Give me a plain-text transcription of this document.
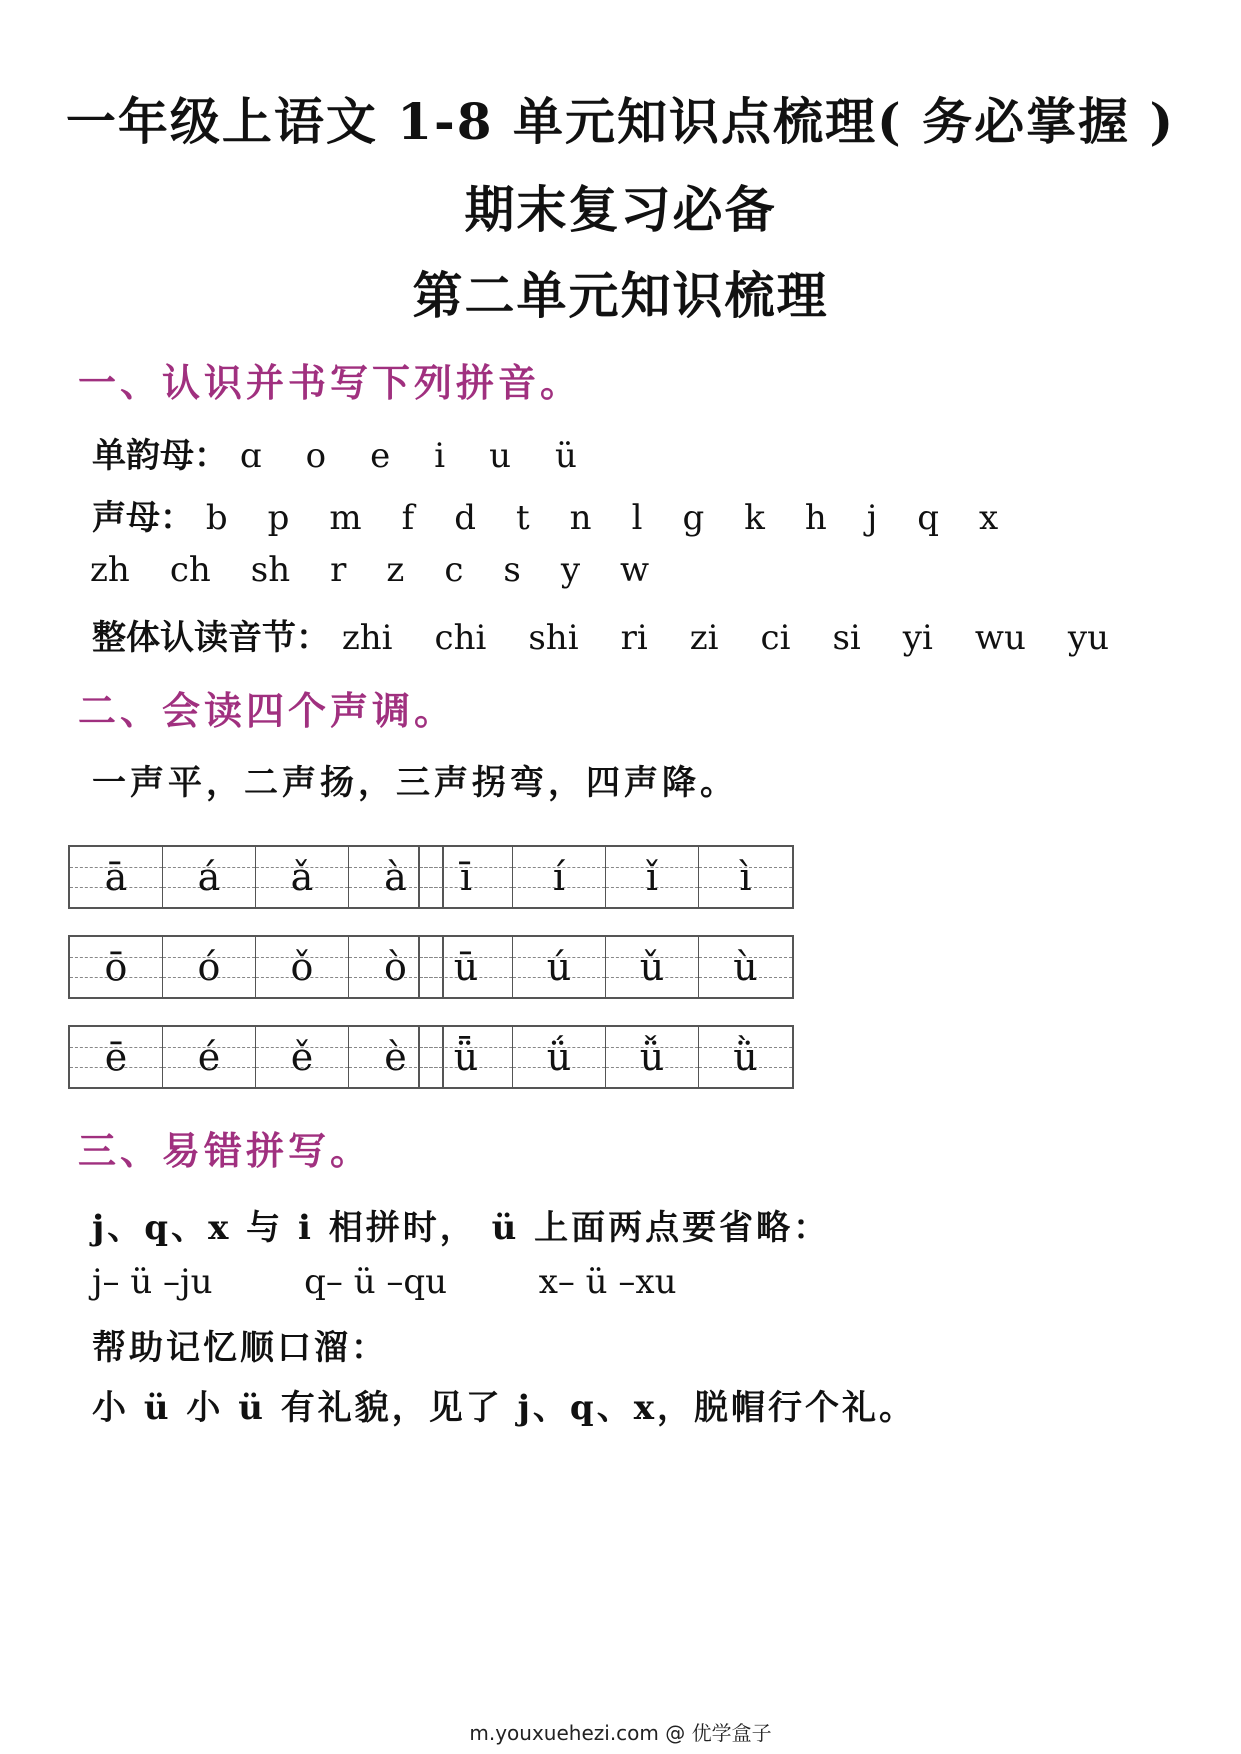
一年级上语文 1-8 单元知识点梳理( 务必掌握 )
期末复习必备
第二单元知识梳理
一、认识并书写下列拼音。
单韵母： ɑ o e i u ü
声母： b p m f d t n l g k h j q x
zh ch sh r z c s y w
整体认读音节： zhi chi shi ri zi ci si yi wu yu
二、会读四个声调。
一声平，二声扬，三声拐弯，四声降。
ā á ǎ à ī í ǐ ì
ō ó ǒ ò ū ú ǔ ù
ē é ě è ǖ ǘ ǚ ǜ
三、易错拼写。
j、q、x 与 i 相拼时， ü 上面两点要省略：
j– ü –ju	q– ü –qu	x– ü –xu
帮助记忆顺口溜：
小 ü 小 ü 有礼貌，见了 j、q、x，脱帽行个礼。
m.youxuehezi.com @ 优学盒子
